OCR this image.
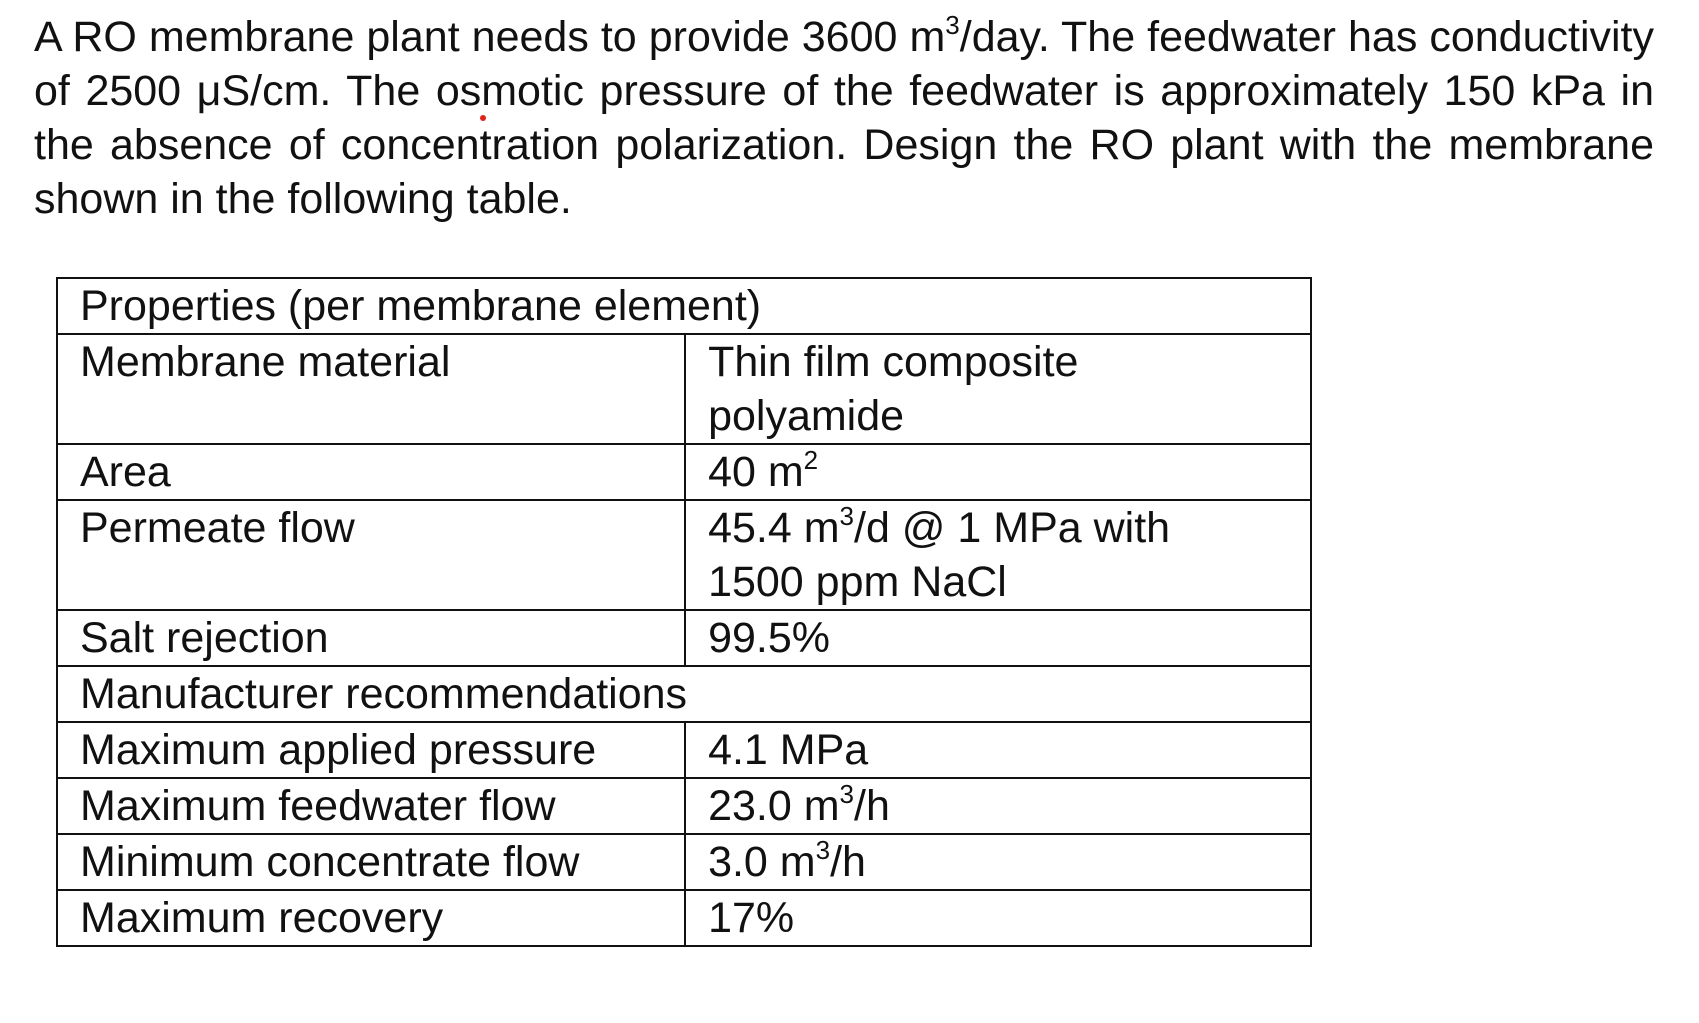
A RO membrane plant needs to provide 3600 $m^3$/day. The feedwater has conductivity of 2500 μS/cm. The osmotic pressure of the feedwater is approximately 150 kPa in the absence of concentration polarization. Design the RO plant with the membrane shown in the following table.

Properties (per membrane element)	
Membrane material	Thin film composite
polyamide
Area	40 $m^2$
Permeate flow	45.4 $m^3/d$ @ 1 MPa with
1500 ppm NaCl
Salt rejection	99.5%
Manufacturer recommendations	
Maximum applied pressure	4.1 MPa
Maximum feedwater flow	23.0 $m^3/h$
Minimum concentrate flow	3.0 $m^3/h$
Maximum recovery	17%
